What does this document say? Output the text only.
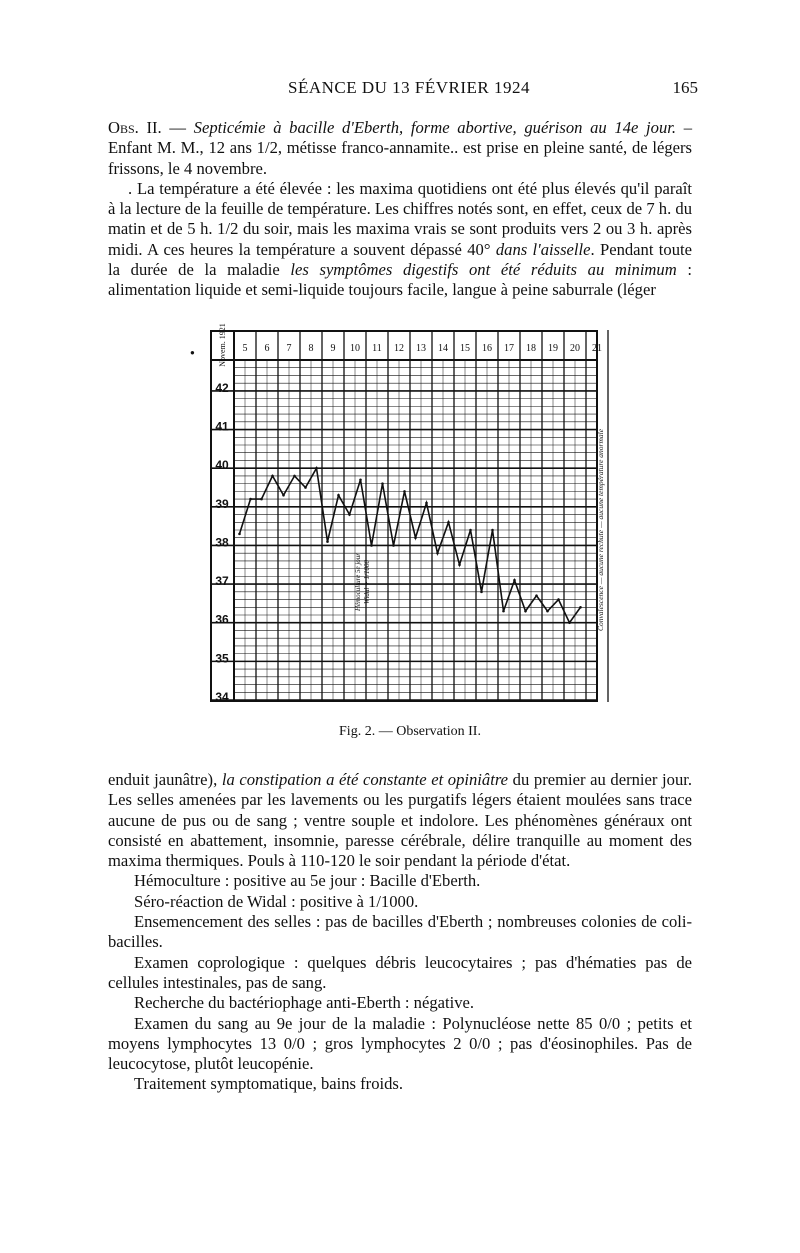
SÉANCE DU 13 FÉVRIER 1924	165

Obs. II. — Septicémie à bacille d'Eberth, forme abortive, guérison au 14e jour. – Enfant M. M., 12 ans 1/2, métisse franco-annamite.. est prise en pleine santé, de légers frissons, le 4 novembre.

. La température a été élevée : les maxima quotidiens ont été plus élevés qu'il paraît à la lecture de la feuille de température. Les chiffres notés sont, en effet, ceux de 7 h. du matin et de 5 h. 1/2 du soir, mais les maxima vrais se sont produits vers 2 ou 3 h. après midi. A ces heures la température a souvent dépassé 40° dans l'aisselle. Pendant toute la durée de la maladie les symptômes digestifs ont été réduits au minimum : alimentation liquide et semi-liquide toujours facile, langue à peine saburrale (léger

●	5 6 7 8 9 10 11 12 13 14 15 16 17 18 19 20 21
Novem. 1921
42
41
40
39
38
37
36
35
34
Hémoculture 5e jour Widal + 1/1000	Convalescence — aucune rechute — aucune température anormale
Fig. 2. — Observation II.

enduit jaunâtre), la constipation a été constante et opiniâtre du premier au dernier jour. Les selles amenées par les lavements ou les purgatifs légers étaient moulées sans trace aucune de pus ou de sang ; ventre souple et indolore. Les phénomènes généraux ont consisté en abattement, insomnie, paresse cérébrale, délire tranquille au moment des maxima thermiques. Pouls à 110-120 le soir pendant la période d'état.

Hémoculture : positive au 5e jour : Bacille d'Eberth.

Séro-réaction de Widal : positive à 1/1000.

Ensemencement des selles : pas de bacilles d'Eberth ; nombreuses colonies de coli-bacilles.

Examen coprologique : quelques débris leucocytaires ; pas d'hématies pas de cellules intestinales, pas de sang.

Recherche du bactériophage anti-Eberth : négative.

Examen du sang au 9e jour de la maladie : Polynucléose nette 85 0/0 ; petits et moyens lymphocytes 13 0/0 ; gros lymphocytes 2 0/0 ; pas d'éosinophiles. Pas de leucocytose, plutôt leucopénie.

Traitement symptomatique, bains froids.
